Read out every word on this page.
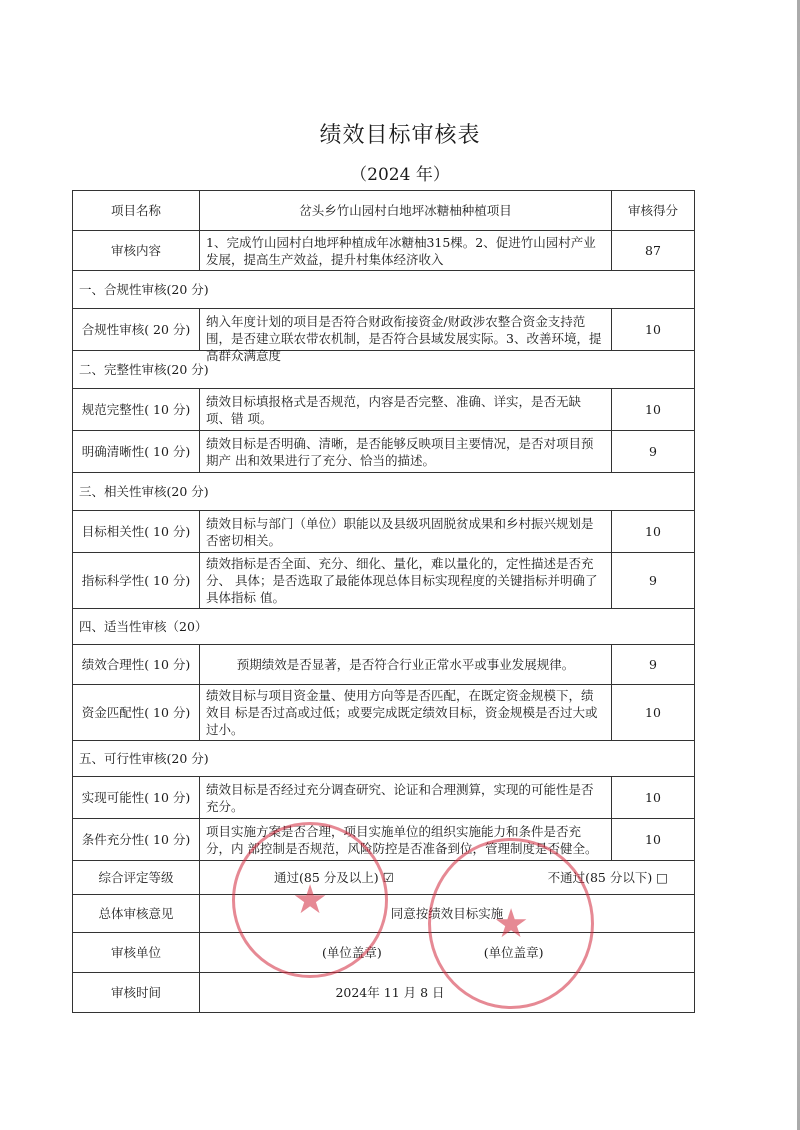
绩效目标审核表
（2024 年）
项目名称	岔头乡竹山园村白地坪冰糖柚种植项目	审核得分
审核内容	1、完成竹山园村白地坪种植成年冰糖柚315棵。2、促进竹山园村产业发展，提高生产效益，提升村集体经济收入	87
一、合规性审核(20 分)		
合规性审核( 20 分)	纳入年度计划的项目是否符合财政衔接资金/财政涉农整合资金支持范围，是否建立联农带农机制，是否符合县域发展实际。3、改善环境，提高群众满意度	10
二、完整性审核(20 分)		
规范完整性( 10 分)	绩效目标填报格式是否规范，内容是否完整、准确、详实，是否无缺项、错 项。	10
明确清晰性( 10 分)	绩效目标是否明确、清晰，是否能够反映项目主要情况，是否对项目预期产 出和效果进行了充分、恰当的描述。	9
三、相关性审核(20 分)		
目标相关性( 10 分)	绩效目标与部门（单位）职能以及县级巩固脱贫成果和乡村振兴规划是否密切相关。	10
指标科学性( 10 分)	绩效指标是否全面、充分、细化、量化，难以量化的，定性描述是否充分、 具体；是否选取了最能体现总体目标实现程度的关键指标并明确了具体指标 值。	9
四、适当性审核（20）		
绩效合理性( 10 分)	预期绩效是否显著，是否符合行业正常水平或事业发展规律。	9
资金匹配性( 10 分)	绩效目标与项目资金量、使用方向等是否匹配，在既定资金规模下，绩效目 标是否过高或过低；或要完成既定绩效目标，资金规模是否过大或过小。	10
五、可行性审核(20 分)		
实现可能性( 10 分)	绩效目标是否经过充分调查研究、论证和合理测算，实现的可能性是否充分。	10
条件充分性( 10 分)	项目实施方案是否合理，项目实施单位的组织实施能力和条件是否充分，内 部控制是否规范，风险防控是否准备到位，管理制度是否健全。	10
综合评定等级	通过(85 分及以上) ☑ 不通过(85 分以下) □	

总体审核意见	同意按绩效目标实施	
审核单位	(单位盖章) (单位盖章)	
审核时间	2024年 11 月 8 日	
★
★
